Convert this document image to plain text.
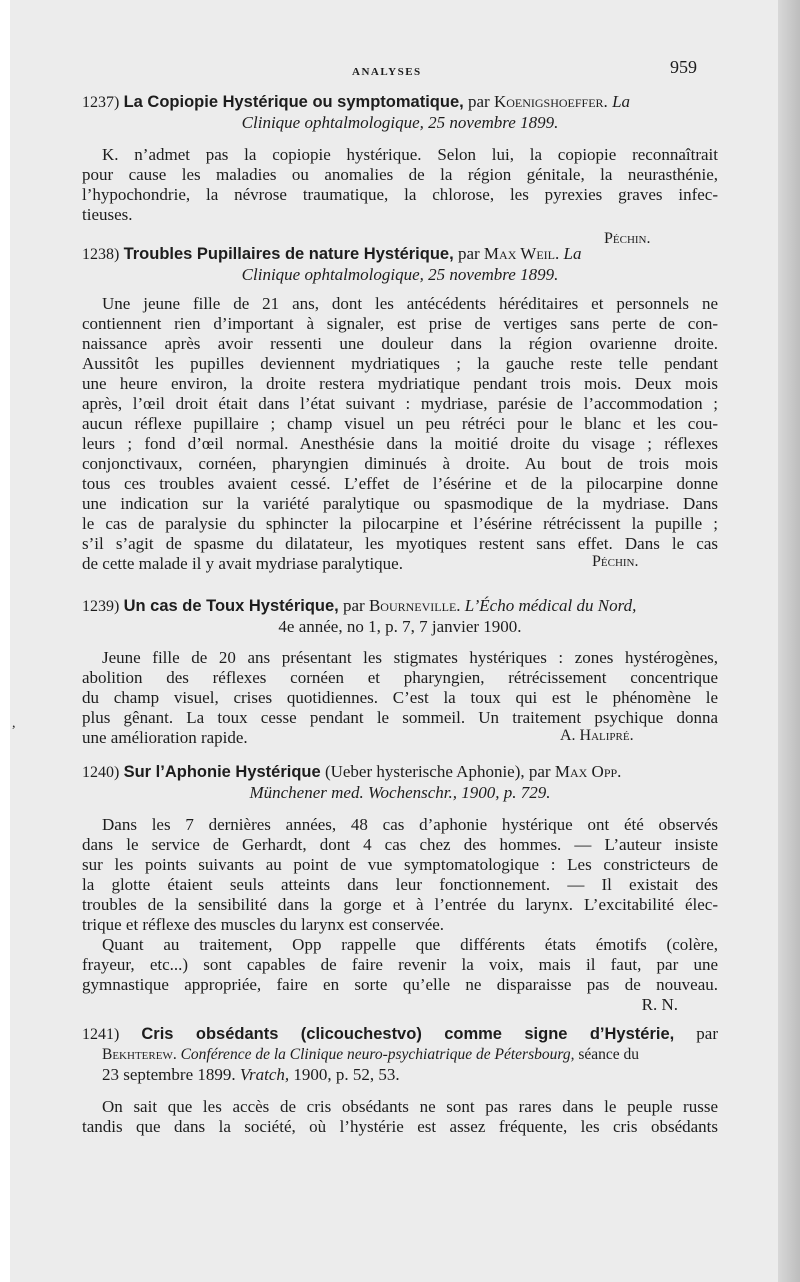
ANALYSES	959
1237) La Copiopie Hystérique ou symptomatique, par Koenigshoeffer. La
Clinique ophtalmologique, 25 novembre 1899.
K. n’admet pas la copiopie hystérique. Selon lui, la copiopie reconnaîtrait
pour cause les maladies ou anomalies de la région génitale, la neurasthénie,
l’hypochondrie, la névrose traumatique, la chlorose, les pyrexies graves infec-
tieuses.
Péchin.
1238) Troubles Pupillaires de nature Hystérique, par Max Weil. La
Clinique ophtalmologique, 25 novembre 1899.
Une jeune fille de 21 ans, dont les antécédents héréditaires et personnels ne
contiennent rien d’important à signaler, est prise de vertiges sans perte de con-
naissance après avoir ressenti une douleur dans la région ovarienne droite.
Aussitôt les pupilles deviennent mydriatiques ; la gauche reste telle pendant
une heure environ, la droite restera mydriatique pendant trois mois. Deux mois
après, l’œil droit était dans l’état suivant : mydriase, parésie de l’accommodation ;
aucun réflexe pupillaire ; champ visuel un peu rétréci pour le blanc et les cou-
leurs ; fond d’œil normal. Anesthésie dans la moitié droite du visage ; réflexes
conjonctivaux, cornéen, pharyngien diminués à droite. Au bout de trois mois
tous ces troubles avaient cessé. L’effet de l’ésérine et de la pilocarpine donne
une indication sur la variété paralytique ou spasmodique de la mydriase. Dans
le cas de paralysie du sphincter la pilocarpine et l’ésérine rétrécissent la pupille ;
s’il s’agit de spasme du dilatateur, les myotiques restent sans effet. Dans le cas
de cette malade il y avait mydriase paralytique.	Péchin.
1239) Un cas de Toux Hystérique, par Bourneville. L’Écho médical du Nord,
4e année, no 1, p. 7, 7 janvier 1900.
Jeune fille de 20 ans présentant les stigmates hystériques : zones hystérogènes,
abolition des réflexes cornéen et pharyngien, rétrécissement concentrique
du champ visuel, crises quotidiennes. C’est la toux qui est le phénomène le
plus gênant. La toux cesse pendant le sommeil. Un traitement psychique donna
une amélioration rapide.
,
A. Halipré.
1240) Sur l’Aphonie Hystérique (Ueber hysterische Aphonie), par Max Opp.
Münchener med. Wochenschr., 1900, p. 729.
Dans les 7 dernières années, 48 cas d’aphonie hystérique ont été observés
dans le service de Gerhardt, dont 4 cas chez des hommes. — L’auteur insiste
sur les points suivants au point de vue symptomatologique : Les constricteurs de
la glotte étaient seuls atteints dans leur fonctionnement. — Il existait des
troubles de la sensibilité dans la gorge et à l’entrée du larynx. L’excitabilité élec-
trique et réflexe des muscles du larynx est conservée.
Quant au traitement, Opp rappelle que différents états émotifs (colère,
frayeur, etc...) sont capables de faire revenir la voix, mais il faut, par une
gymnastique appropriée, faire en sorte qu’elle ne disparaisse pas de nouveau.
R. N.
1241) Cris obsédants (clicouchestvo) comme signe d’Hystérie, par
Bekhterew. Conférence de la Clinique neuro-psychiatrique de Pétersbourg, séance du
23 septembre 1899. Vratch, 1900, p. 52, 53.
On sait que les accès de cris obsédants ne sont pas rares dans le peuple russe
tandis que dans la société, où l’hystérie est assez fréquente, les cris obsédants
